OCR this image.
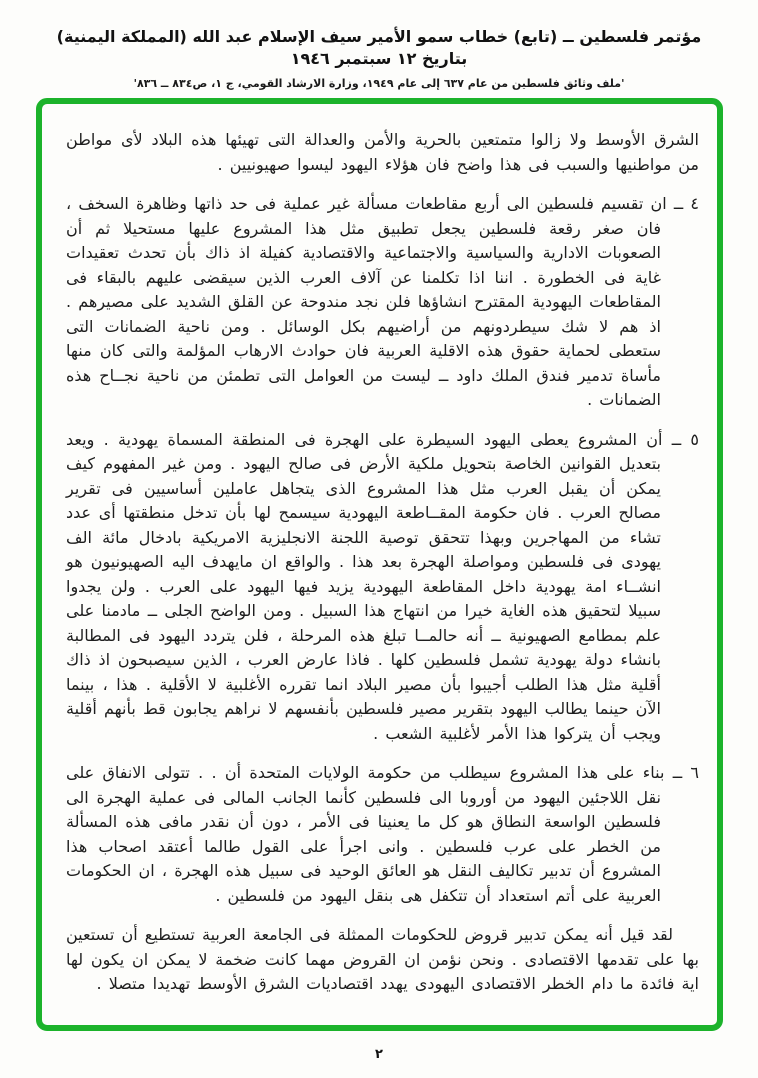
مؤتمر فلسطين ــ (تابع) خطاب سمو الأمير سيف الإسلام عبد الله (المملكة اليمنية) بتاريخ ١٢ سبتمبر ١٩٤٦
'ملف وثائق فلسطين من عام ٦٣٧ إلى عام ١٩٤٩، وزارة الارشاد القومي، ج ١، ص٨٣٤ ــ ٨٣٦'

الشرق الأوسط ولا زالوا متمتعين بالحرية والأمن والعدالة التى تهيئها هذه البلاد لأى مواطن من مواطنيها والسبب فى هذا واضح فان هؤلاء اليهود ليسوا صهيونيين .

٤ ــ ان تقسيم فلسطين الى أربع مقاطعات مسألة غير عملية فى حد ذاتها وظاهرة السخف ، فان صغر رقعة فلسطين يجعل تطبيق مثل هذا المشروع عليها مستحيلا ثم أن الصعوبات الادارية والسياسية والاجتماعية والاقتصادية كفيلة اذ ذاك بأن تحدث تعقيدات غاية فى الخطورة . اننا اذا تكلمنا عن آلاف العرب الذين سيقضى عليهم بالبقاء فى المقاطعات اليهودية المقترح انشاؤها فلن نجد مندوحة عن القلق الشديد على مصيرهم . اذ هم لا شك سيطردونهم من أراضيهم بكل الوسائل . ومن ناحية الضمانات التى ستعطى لحماية حقوق هذه الاقلية العربية فان حوادث الارهاب المؤلمة والتى كان منها مأساة تدمير فندق الملك داود ــ ليست من العوامل التى تطمئن من ناحية نجــاح هذه الضمانات .

٥ ــ أن المشروع يعطى اليهود السيطرة على الهجرة فى المنطقة المسماة يهودية . ويعد بتعديل القوانين الخاصة بتحويل ملكية الأرض فى صالح اليهود . ومن غير المفهوم كيف يمكن أن يقبل العرب مثل هذا المشروع الذى يتجاهل عاملين أساسيين فى تقرير مصالح العرب . فان حكومة المقــاطعة اليهودية سيسمح لها بأن تدخل منطقتها أى عدد تشاء من المهاجرين وبهذا تتحقق توصية اللجنة الانجليزية الامريكية بادخال مائة الف يهودى فى فلسطين ومواصلة الهجرة بعد هذا . والواقع ان مايهدف اليه الصهيونيون هو انشــاء امة يهودية داخل المقاطعة اليهودية يزيد فيها اليهود على العرب . ولن يجدوا سبيلا لتحقيق هذه الغاية خيرا من انتهاج هذا السبيل . ومن الواضح الجلى ــ مادمنا على علم بمطامع الصهيونية ــ أنه حالمــا تبلغ هذه المرحلة ، فلن يتردد اليهود فى المطالبة بانشاء دولة يهودية تشمل فلسطين كلها . فاذا عارض العرب ، الذين سيصبحون اذ ذاك أقلية مثل هذا الطلب أجيبوا بأن مصير البلاد انما تقرره الأغلبية لا الأقلية . هذا ، بينما الآن حينما يطالب اليهود بتقرير مصير فلسطين بأنفسهم لا نراهم يجابون قط بأنهم أقلية ويجب أن يتركوا هذا الأمر لأغلبية الشعب .

٦ ــ بناء على هذا المشروع سيطلب من حكومة الولايات المتحدة أن . . تتولى الانفاق على نقل اللاجئين اليهود من أوروبا الى فلسطين كأنما الجانب المالى فى عملية الهجرة الى فلسطين الواسعة النطاق هو كل ما يعنينا فى الأمر ، دون أن نقدر مافى هذه المسألة من الخطر على عرب فلسطين . وانى اجرأ على القول طالما أعتقد اصحاب هذا المشروع أن تدبير تكاليف النقل هو العائق الوحيد فى سبيل هذه الهجرة ، ان الحكومات العربية على أتم استعداد أن تتكفل هى بنقل اليهود من فلسطين .

لقد قيل أنه يمكن تدبير قروض للحكومات الممثلة فى الجامعة العربية تستطيع أن تستعين بها على تقدمها الاقتصادى . ونحن نؤمن ان القروض مهما كانت ضخمة لا يمكن ان يكون لها اية فائدة ما دام الخطر الاقتصادى اليهودى يهدد اقتصاديات الشرق الأوسط تهديدا متصلا .

٢
